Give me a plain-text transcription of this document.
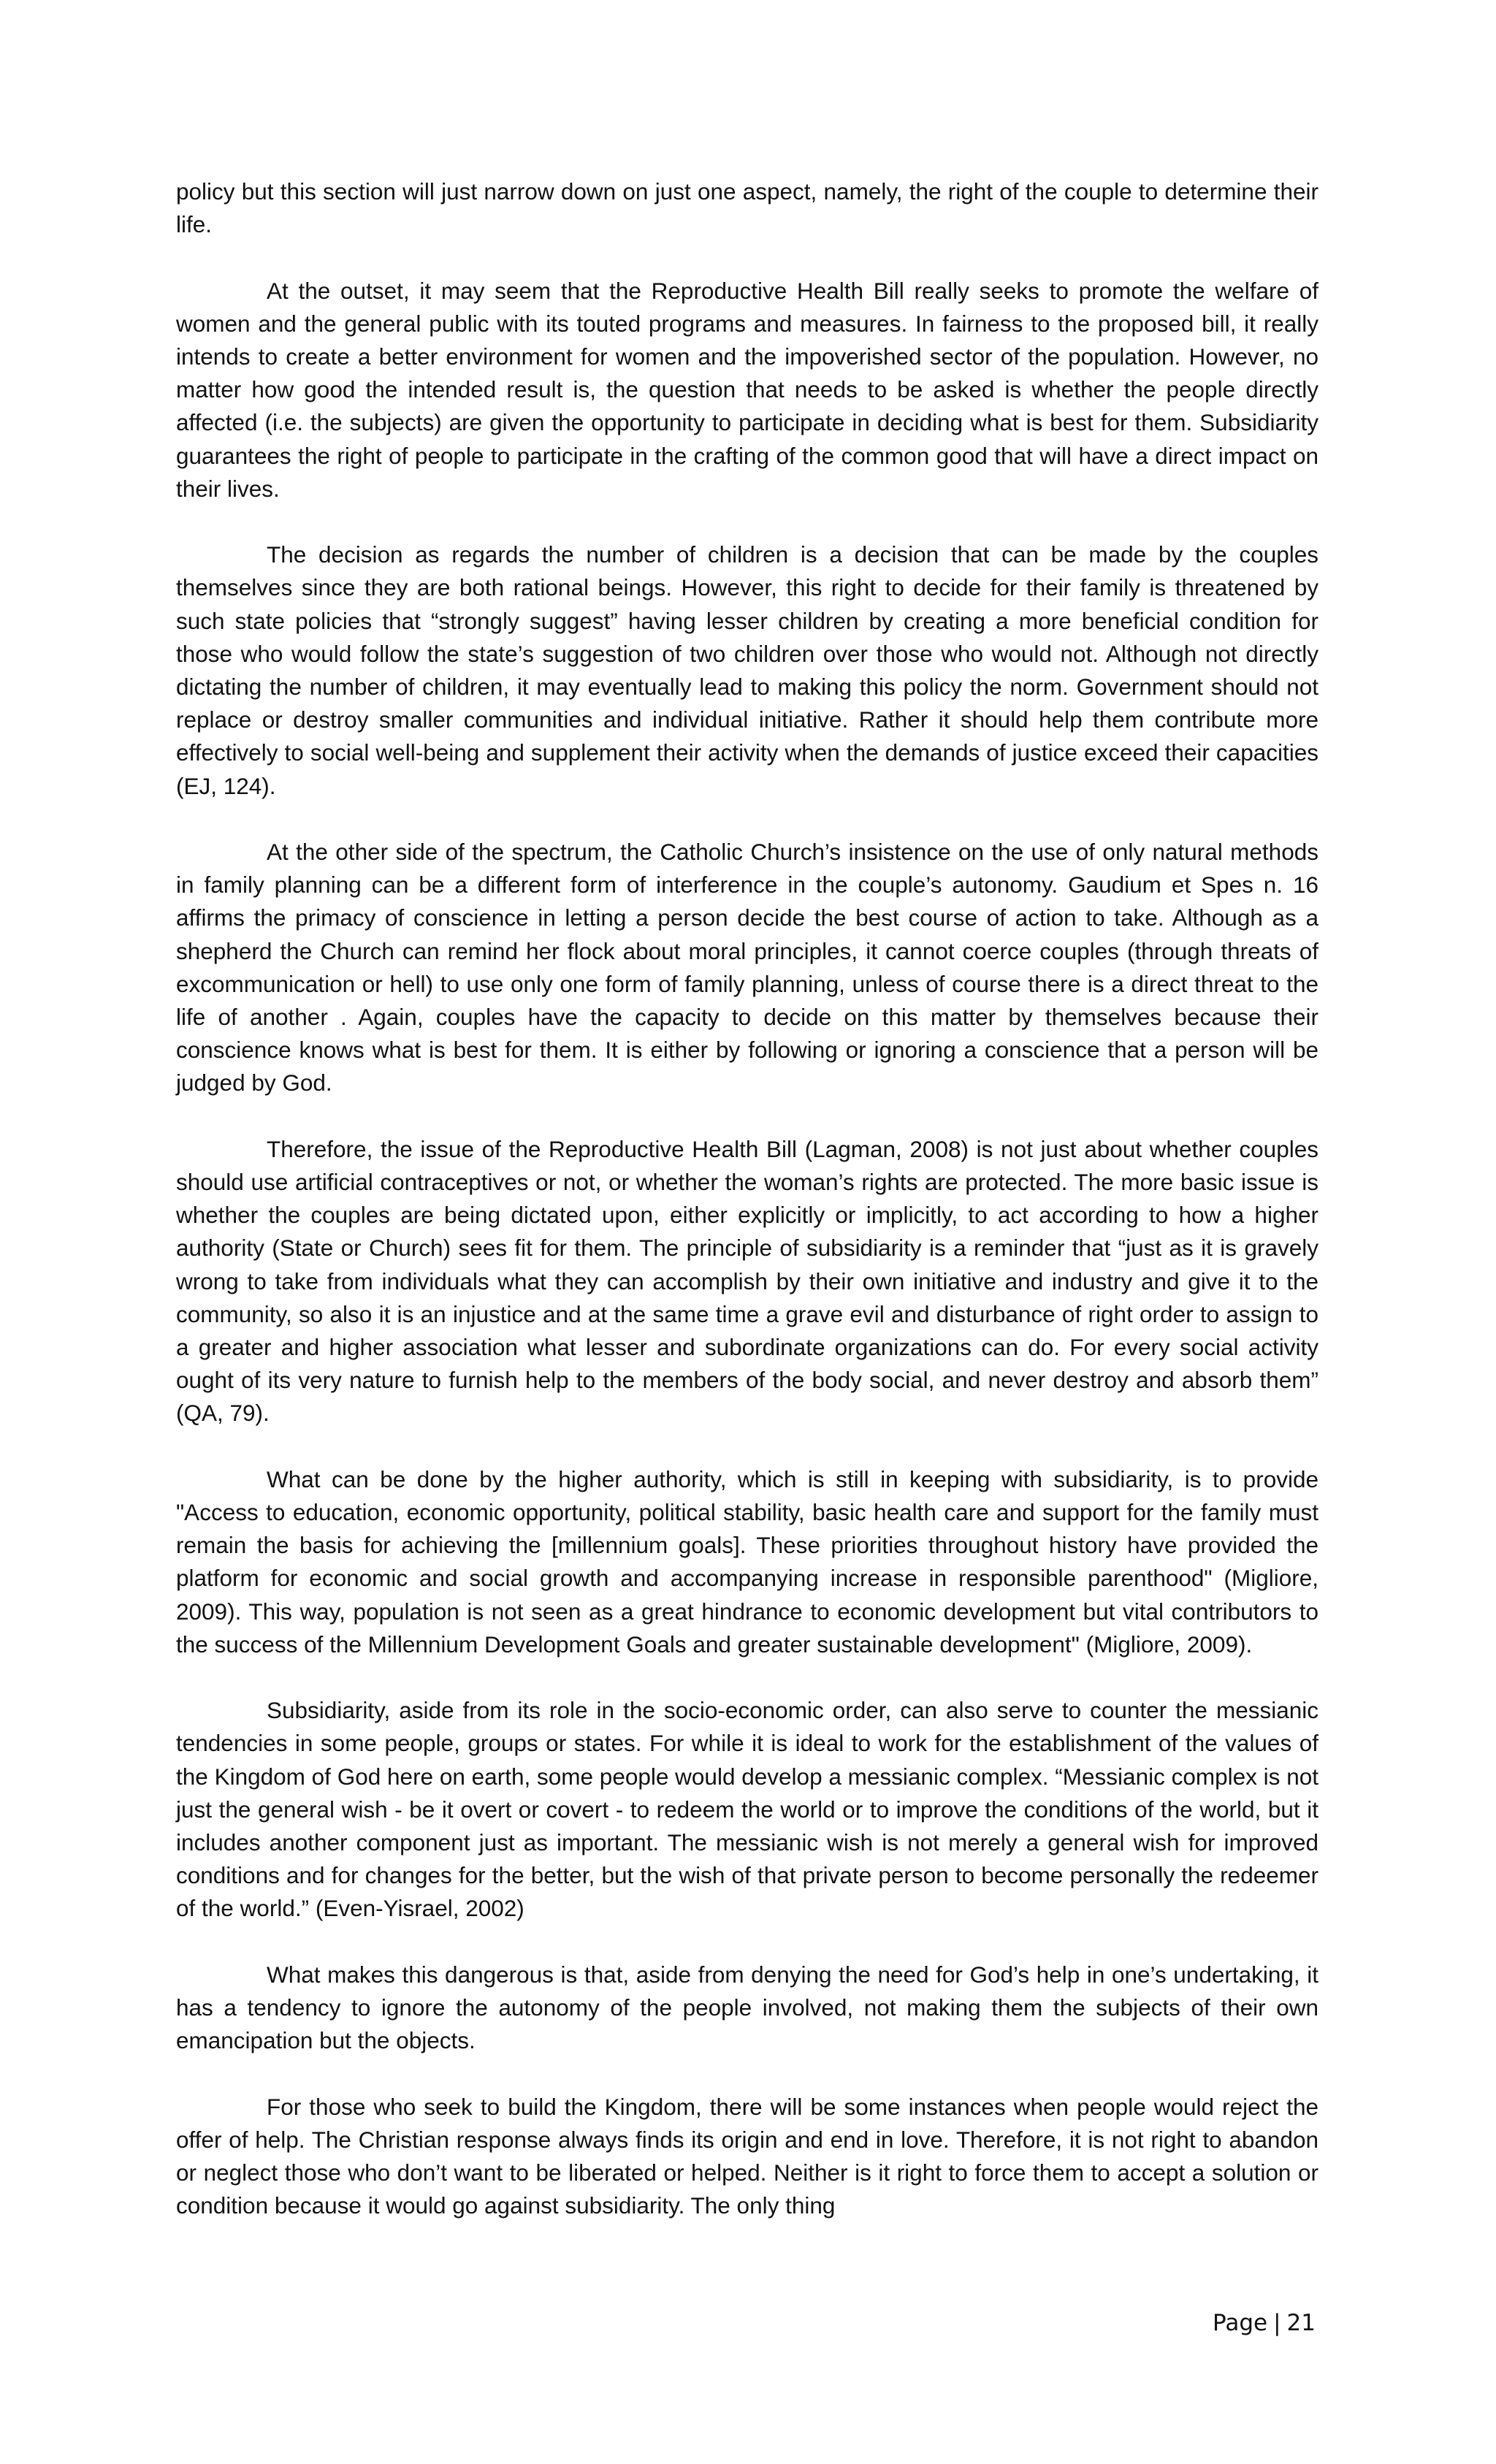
policy but this section will just narrow down on just one aspect, namely, the right of the couple to determine their life.

At the outset, it may seem that the Reproductive Health Bill really seeks to promote the welfare of women and the general public with its touted programs and measures. In fairness to the proposed bill, it really intends to create a better environment for women and the impoverished sector of the population. However, no matter how good the intended result is, the question that needs to be asked is whether the people directly affected (i.e. the subjects) are given the opportunity to participate in deciding what is best for them. Subsidiarity guarantees the right of people to participate in the crafting of the common good that will have a direct impact on their lives.

The decision as regards the number of children is a decision that can be made by the couples themselves since they are both rational beings. However, this right to decide for their family is threatened by such state policies that “strongly suggest” having lesser children by creating a more beneficial condition for those who would follow the state’s suggestion of two children over those who would not. Although not directly dictating the number of children, it may eventually lead to making this policy the norm. Government should not replace or destroy smaller communities and individual initiative. Rather it should help them contribute more effectively to social well-being and supplement their activity when the demands of justice exceed their capacities (EJ, 124).

At the other side of the spectrum, the Catholic Church’s insistence on the use of only natural methods in family planning can be a different form of interference in the couple’s autonomy. Gaudium et Spes n. 16 affirms the primacy of conscience in letting a person decide the best course of action to take. Although as a shepherd the Church can remind her flock about moral principles, it cannot coerce couples (through threats of excommunication or hell) to use only one form of family planning, unless of course there is a direct threat to the life of another . Again, couples have the capacity to decide on this matter by themselves because their conscience knows what is best for them. It is either by following or ignoring a conscience that a person will be judged by God.

Therefore, the issue of the Reproductive Health Bill (Lagman, 2008) is not just about whether couples should use artificial contraceptives or not, or whether the woman’s rights are protected. The more basic issue is whether the couples are being dictated upon, either explicitly or implicitly, to act according to how a higher authority (State or Church) sees fit for them. The principle of subsidiarity is a reminder that “just as it is gravely wrong to take from individuals what they can accomplish by their own initiative and industry and give it to the community, so also it is an injustice and at the same time a grave evil and disturbance of right order to assign to a greater and higher association what lesser and subordinate organizations can do. For every social activity ought of its very nature to furnish help to the members of the body social, and never destroy and absorb them” (QA, 79).

What can be done by the higher authority, which is still in keeping with subsidiarity, is to provide "Access to education, economic opportunity, political stability, basic health care and support for the family must remain the basis for achieving the [millennium goals]. These priorities throughout history have provided the platform for economic and social growth and accompanying increase in responsible parenthood" (Migliore, 2009). This way, population is not seen as a great hindrance to economic development but vital contributors to the success of the Millennium Development Goals and greater sustainable development" (Migliore, 2009).

Subsidiarity, aside from its role in the socio-economic order, can also serve to counter the messianic tendencies in some people, groups or states. For while it is ideal to work for the establishment of the values of the Kingdom of God here on earth, some people would develop a messianic complex. “Messianic complex is not just the general wish - be it overt or covert - to redeem the world or to improve the conditions of the world, but it includes another component just as important. The messianic wish is not merely a general wish for improved conditions and for changes for the better, but the wish of that private person to become personally the redeemer of the world.” (Even-Yisrael, 2002)

What makes this dangerous is that, aside from denying the need for God’s help in one’s undertaking, it has a tendency to ignore the autonomy of the people involved, not making them the subjects of their own emancipation but the objects.

For those who seek to build the Kingdom, there will be some instances when people would reject the offer of help. The Christian response always finds its origin and end in love. Therefore, it is not right to abandon or neglect those who don’t want to be liberated or helped. Neither is it right to force them to accept a solution or condition because it would go against subsidiarity. The only thing

Page | 21
